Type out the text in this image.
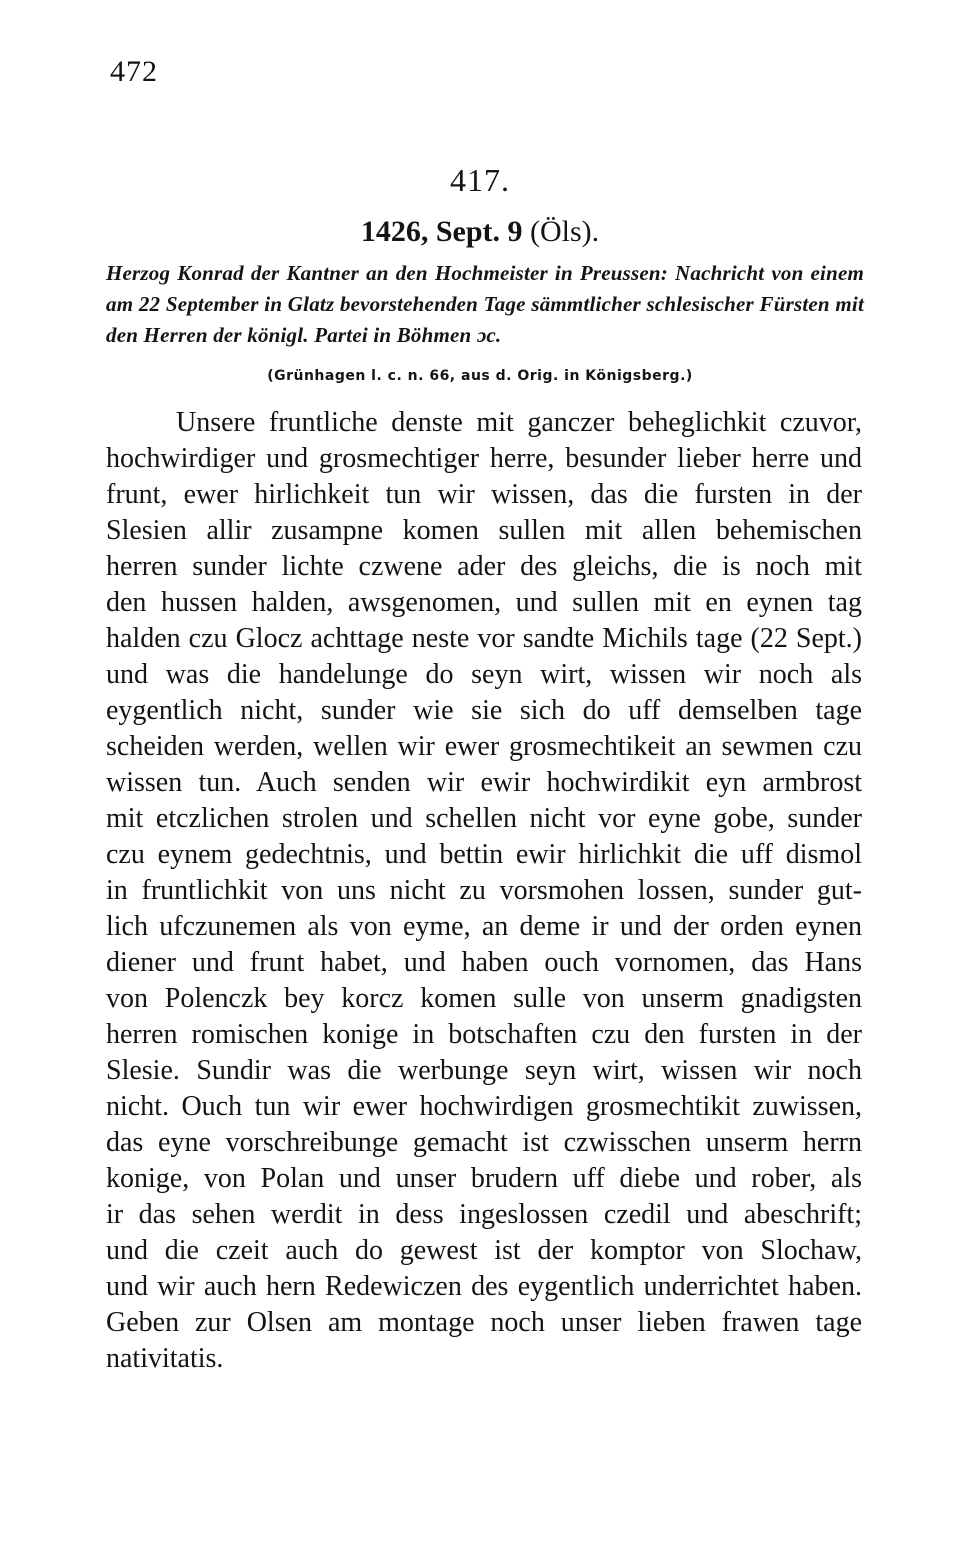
472
417.
1426, Sept. 9 (Öls).

Herzog Konrad der Kantner an den Hochmeister in Preussen: Nachricht von einem am 22 September in Glatz bevorstehenden Tage sämmtlicher schlesischer Fürsten mit den Herren der königl. Partei in Böhmen ɔc.

(Grünhagen l. c. n. 66, aus d. Orig. in Königsberg.)
Unsere fruntliche denste mit ganczer beheglichkit czuvor,
hochwirdiger und grosmechtiger herre, besunder lieber herre und
frunt, ewer hirlichkeit tun wir wissen, das die fursten in der
Slesien allir zusampne komen sullen mit allen behemischen
herren sunder lichte czwene ader des gleichs, die is noch mit
den hussen halden, awsgenomen, und sullen mit en eynen tag
halden czu Glocz achttage neste vor sandte Michils tage (22 Sept.)
und was die handelunge do seyn wirt, wissen wir noch als
eygentlich nicht, sunder wie sie sich do uff demselben tage
scheiden werden, wellen wir ewer grosmechtikeit an sewmen czu
wissen tun. Auch senden wir ewir hochwirdikit eyn armbrost
mit etczlichen strolen und schellen nicht vor eyne gobe, sunder
czu eynem gedechtnis, und bettin ewir hirlichkit die uff dismol
in fruntlichkit von uns nicht zu vorsmohen lossen, sunder gut-
lich ufczunemen als von eyme, an deme ir und der orden eynen
diener und frunt habet, und haben ouch vornomen, das Hans
von Polenczk bey korcz komen sulle von unserm gnadigsten
herren romischen konige in botschaften czu den fursten in der
Slesie. Sundir was die werbunge seyn wirt, wissen wir noch
nicht. Ouch tun wir ewer hochwirdigen grosmechtikit zuwissen,
das eyne vorschreibunge gemacht ist czwisschen unserm herrn
konige, von Polan und unser brudern uff diebe und rober, als
ir das sehen werdit in dess ingeslossen czedil und abeschrift;
und die czeit auch do gewest ist der komptor von Slochaw,
und wir auch hern Redewiczen des eygentlich underrichtet haben.
Geben zur Olsen am montage noch unser lieben frawen tage
nativitatis.
